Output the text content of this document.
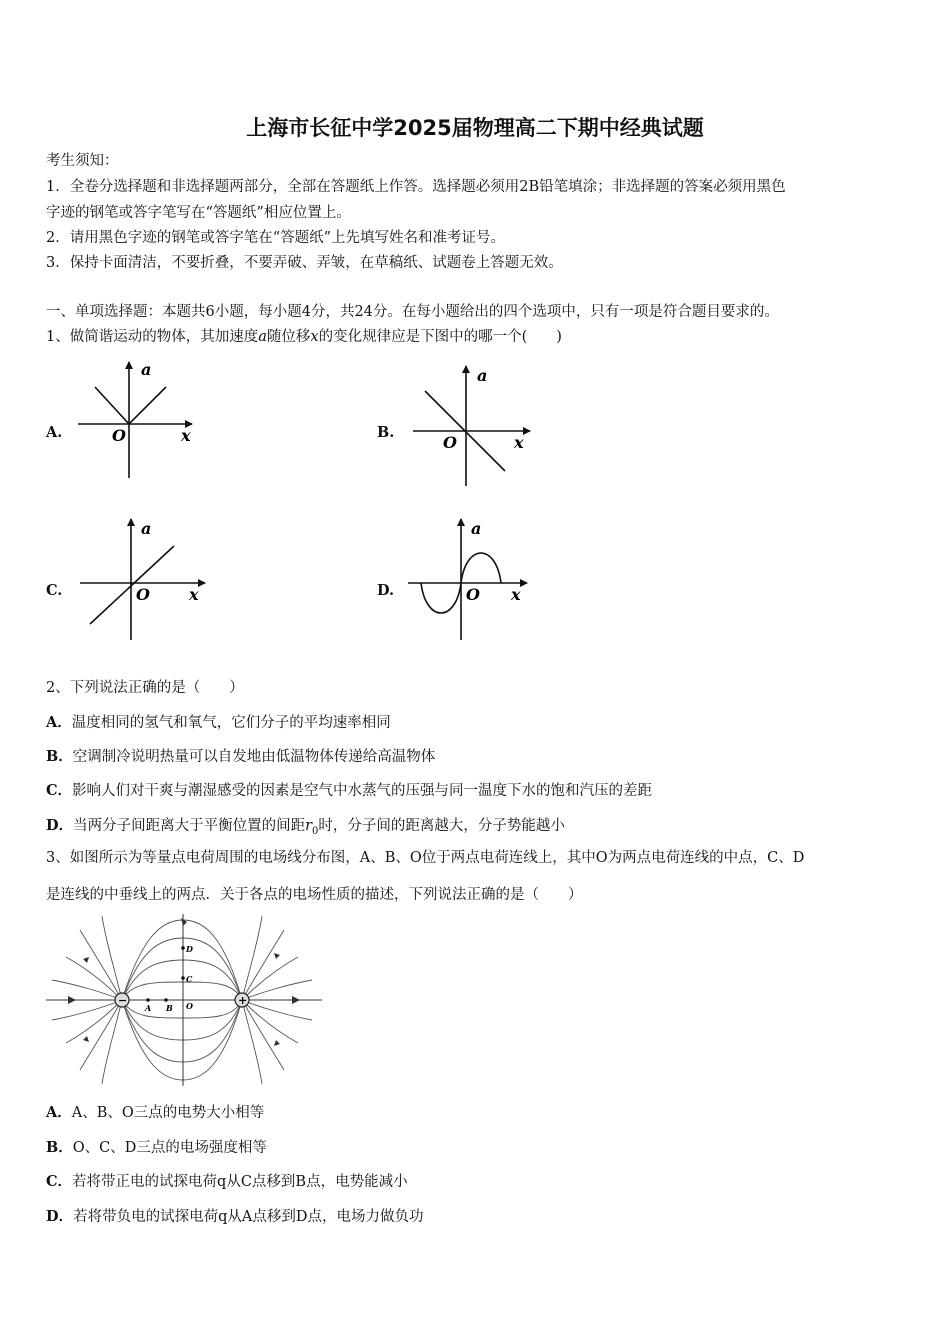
上海市长征中学2025届物理高二下期中经典试题
考生须知：
1．全卷分选择题和非选择题两部分，全部在答题纸上作答。选择题必须用2B铅笔填涂；非选择题的答案必须用黑色
字迹的钢笔或答字笔写在“答题纸”相应位置上。
2．请用黑色字迹的钢笔或答字笔在“答题纸”上先填写姓名和准考证号。
3．保持卡面清洁，不要折叠，不要弄破、弄皱，在草稿纸、试题卷上答题无效。
一、单项选择题：本题共6小题，每小题4分，共24分。在每小题给出的四个选项中，只有一项是符合题目要求的。
1、做简谐运动的物体，其加速度a随位移x的变化规律应是下图中的哪一个(　　)
A.	B.
C.	D.
a
x
O
a
x
O
a
x
O
a
x
O
2、下列说法正确的是（　　）
A．温度相同的氢气和氧气，它们分子的平均速率相同
B．空调制冷说明热量可以自发地由低温物体传递给高温物体
C．影响人们对干爽与潮湿感受的因素是空气中水蒸气的压强与同一温度下水的饱和汽压的差距
D．当两分子间距离大于平衡位置的间距$r_0$时，分子间的距离越大，分子势能越小
3、如图所示为等量点电荷周围的电场线分布图，A、B、O位于两点电荷连线上，其中O为两点电荷连线的中点，C、D
是连线的中垂线上的两点．关于各点的电场性质的描述，下列说法正确的是（　　）
−	+
A B O
C
D
A．A、B、O三点的电势大小相等
B．O、C、D三点的电场强度相等
C．若将带正电的试探电荷q从C点移到B点，电势能减小
D．若将带负电的试探电荷q从A点移到D点，电场力做负功
